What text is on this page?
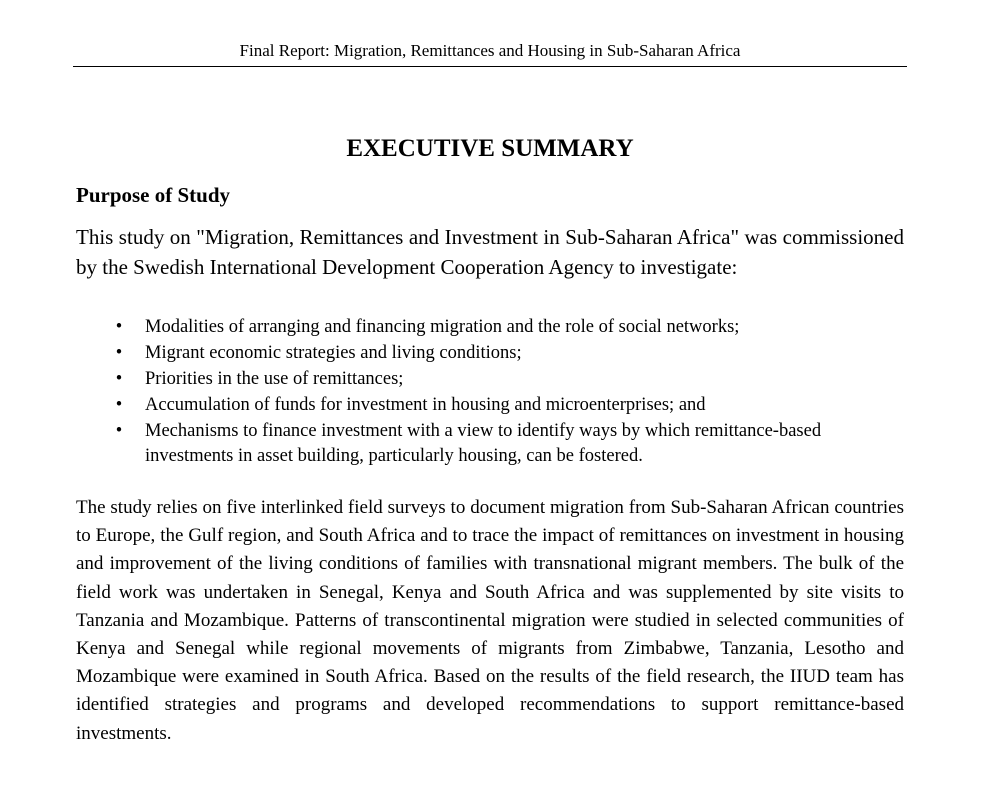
Final Report: Migration, Remittances and Housing in Sub-Saharan Africa
EXECUTIVE SUMMARY
Purpose of Study

This study on "Migration, Remittances and Investment in Sub-Saharan Africa" was commissioned by the Swedish International Development Cooperation Agency to investigate:

• Modalities of arranging and financing migration and the role of social networks;
• Migrant economic strategies and living conditions;
• Priorities in the use of remittances;
• Accumulation of funds for investment in housing and microenterprises; and
• Mechanisms to finance investment with a view to identify ways by which remittance-based investments in asset building, particularly housing, can be fostered.

The study relies on five interlinked field surveys to document migration from Sub-Saharan African countries to Europe, the Gulf region, and South Africa and to trace the impact of remittances on investment in housing and improvement of the living conditions of families with transnational migrant members. The bulk of the field work was undertaken in Senegal, Kenya and South Africa and was supplemented by site visits to Tanzania and Mozambique. Patterns of transcontinental migration were studied in selected communities of Kenya and Senegal while regional movements of migrants from Zimbabwe, Tanzania, Lesotho and Mozambique were examined in South Africa. Based on the results of the field research, the IIUD team has identified strategies and programs and developed recommendations to support remittance-based investments.
